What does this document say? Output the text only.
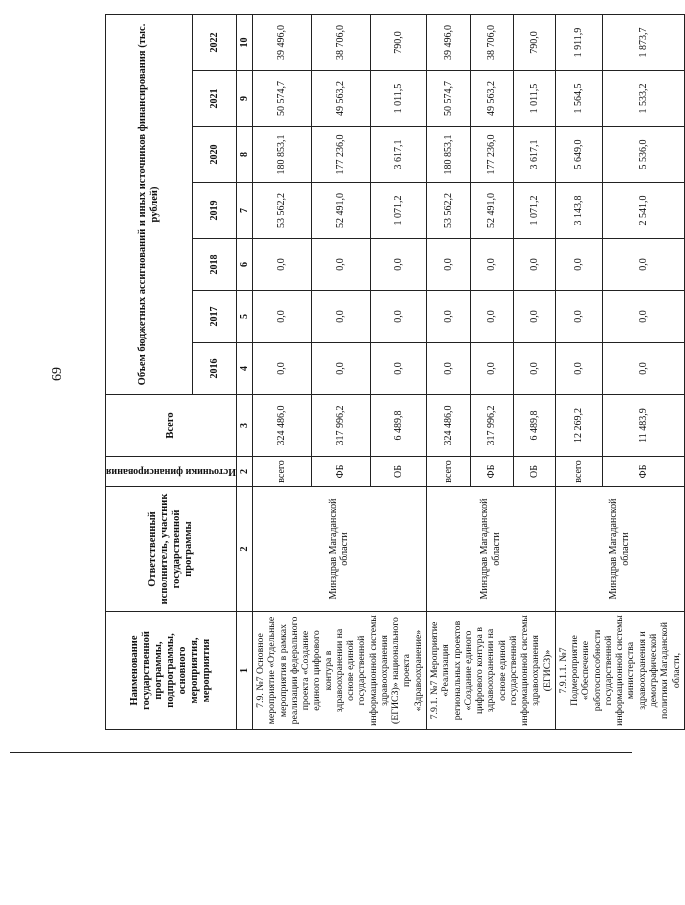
69
Наименование государственной программы, подпрограммы, основного мероприятия, мероприятия	Ответственный исполнитель, участник государственной программы	Источники финансирования	Всего	Объем бюджетных ассигнований и иных источников финансирования (тыс. рублей)						
				2016	2017	2018	2019	2020	2021	2022
1	2	2	3	4	5	6	7	8	9	10
7.9. №7 Основное мероприятие «Отдельные мероприятия в рамках реализации федерального проекта «Создание единого цифрового контура в здравоохранении на основе единой государственной информационной системы здравоохранения (ЕГИСЗ)» национального проекта «Здравоохранение»	Минздрав Магаданской области	всего	324 486,0	0,0	0,0	0,0	53 562,2	180 853,1	50 574,7	39 496,0
		ФБ	317 996,2	0,0	0,0	0,0	52 491,0	177 236,0	49 563,2	38 706,0
		ОБ	6 489,8	0,0	0,0	0,0	1 071,2	3 617,1	1 011,5	790,0
7.9.1. №7 Мероприятие «Реализация региональных проектов «Создание единого цифрового контура в здравоохранении на основе единой государственной информационной системы здравоохранения (ЕГИСЗ)»	Минздрав Магаданской области	всего	324 486,0	0,0	0,0	0,0	53 562,2	180 853,1	50 574,7	39 496,0
		ФБ	317 996,2	0,0	0,0	0,0	52 491,0	177 236,0	49 563,2	38 706,0
		ОБ	6 489,8	0,0	0,0	0,0	1 071,2	3 617,1	1 011,5	790,0
7.9.1.1. №7 Подмероприятие «Обеспечение работоспособности государственной информационной системы министерства здравоохранения и демографической политики Магаданской области,	Минздрав Магаданской области	всего	12 269,2	0,0	0,0	0,0	3 143,8	5 649,0	1 564,5	1 911,9
		ФБ	11 483,9	0,0	0,0	0,0	2 541,0	5 536,0	1 533,2	1 873,7
